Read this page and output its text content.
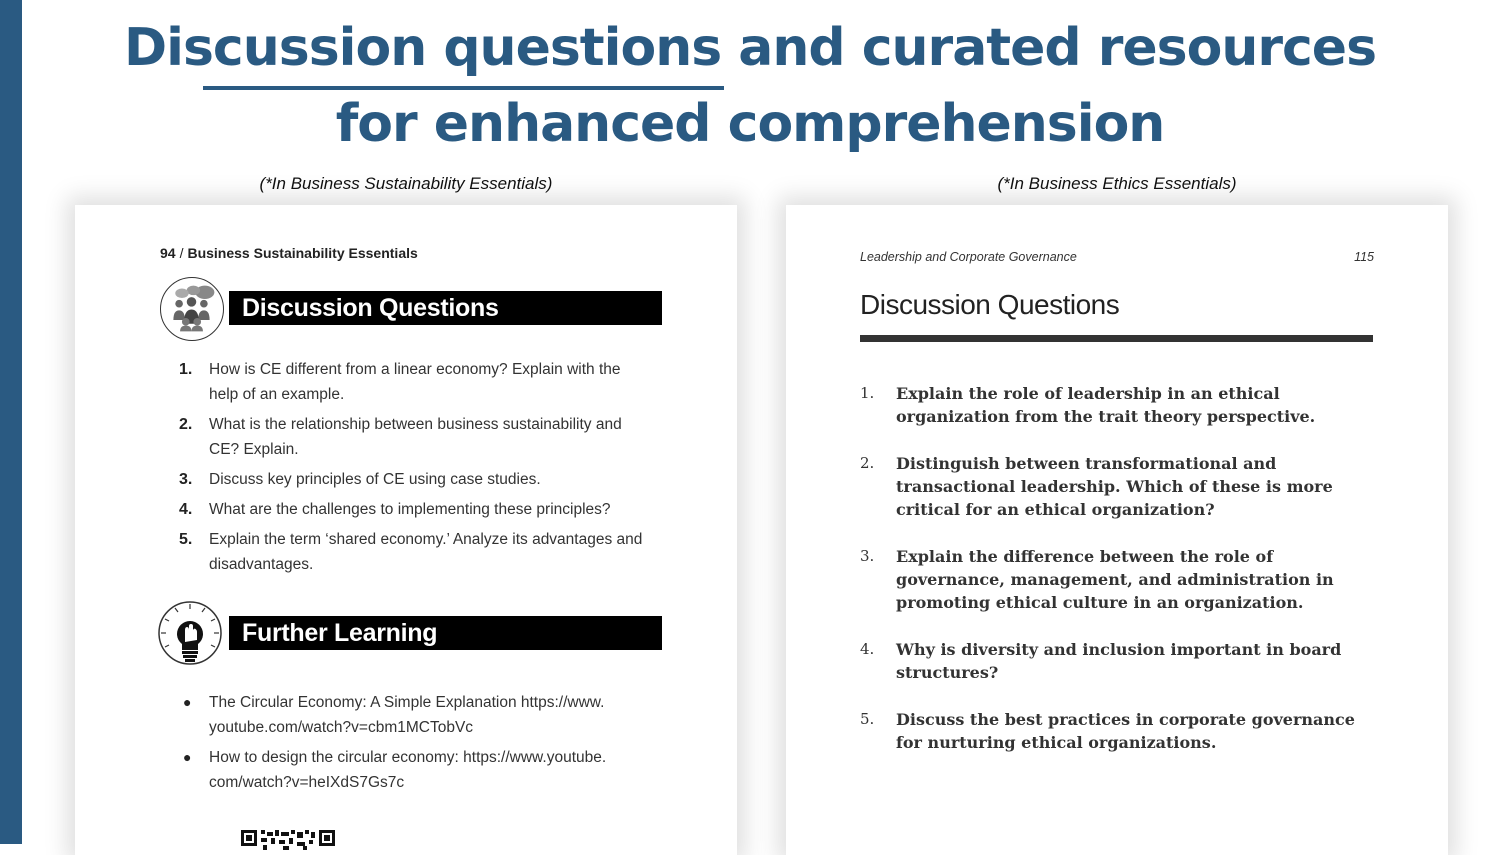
Discussion questions and curated resources
for enhanced comprehension
(*In Business Sustainability Essentials)	(*In Business Ethics Essentials)
94 / Business Sustainability Essentials
Discussion Questions
1. How is CE different from a linear economy? Explain with the help of an example.
2. What is the relationship between business sustainability and CE? Explain.
3. Discuss key principles of CE using case studies.
4. What are the challenges to implementing these principles?
5. Explain the term ‘shared economy.’ Analyze its advantages and disadvantages.
Further Learning
● The Circular Economy: A Simple Explanation https://www. youtube.com/watch?v=cbm1MCTobVc
● How to design the circular economy: https://www.youtube. com/watch?v=heIXdS7Gs7c
Leadership and Corporate Governance	115
Discussion Questions
1. Explain the role of leadership in an ethical organization from the trait theory perspective.
2. Distinguish between transformational and transactional leadership. Which of these is more critical for an ethical organization?
3. Explain the difference between the role of governance, management, and administration in promoting ethical culture in an organization.
4. Why is diversity and inclusion important in board structures?
5. Discuss the best practices in corporate governance for nurturing ethical organizations.
